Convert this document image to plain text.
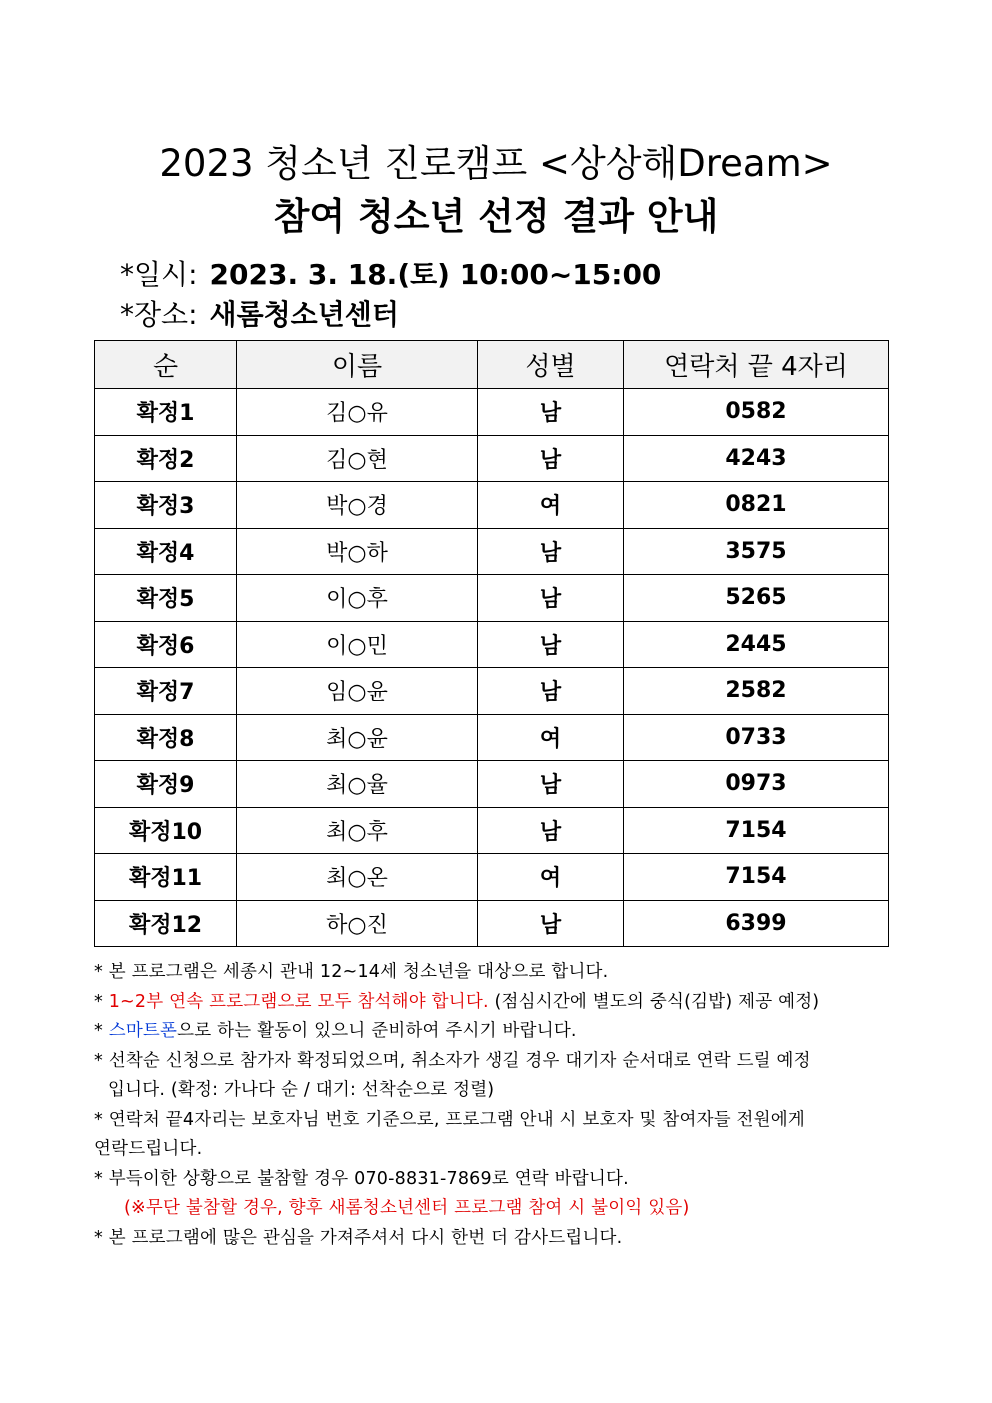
2023 청소년 진로캠프 <상상해Dream>
참여 청소년 선정 결과 안내
*일시: 2023. 3. 18.(토) 10:00~15:00
*장소: 새롬청소년센터
순	이름	성별	연락처 끝 4자리
확정1	김○유	남	0582
확정2	김○현	남	4243
확정3	박○경	여	0821
확정4	박○하	남	3575
확정5	이○후	남	5265
확정6	이○민	남	2445
확정7	임○윤	남	2582
확정8	최○윤	여	0733
확정9	최○율	남	0973
확정10	최○후	남	7154
확정11	최○온	여	7154
확정12	하○진	남	6399

* 본 프로그램은 세종시 관내 12~14세 청소년을 대상으로 합니다.

* 1~2부 연속 프로그램으로 모두 참석해야 합니다. (점심시간에 별도의 중식(김밥) 제공 예정)

* 스마트폰으로 하는 활동이 있으니 준비하여 주시기 바랍니다.

* 선착순 신청으로 참가자 확정되었으며, 취소자가 생길 경우 대기자 순서대로 연락 드릴 예정

입니다. (확정: 가나다 순 / 대기: 선착순으로 정렬)

* 연락처 끝4자리는 보호자님 번호 기준으로, 프로그램 안내 시 보호자 및 참여자들 전원에게

연락드립니다.

* 부득이한 상황으로 불참할 경우 070-8831-7869로 연락 바랍니다.

(※무단 불참할 경우, 향후 새롬청소년센터 프로그램 참여 시 불이익 있음)

* 본 프로그램에 많은 관심을 가져주셔서 다시 한번 더 감사드립니다.
